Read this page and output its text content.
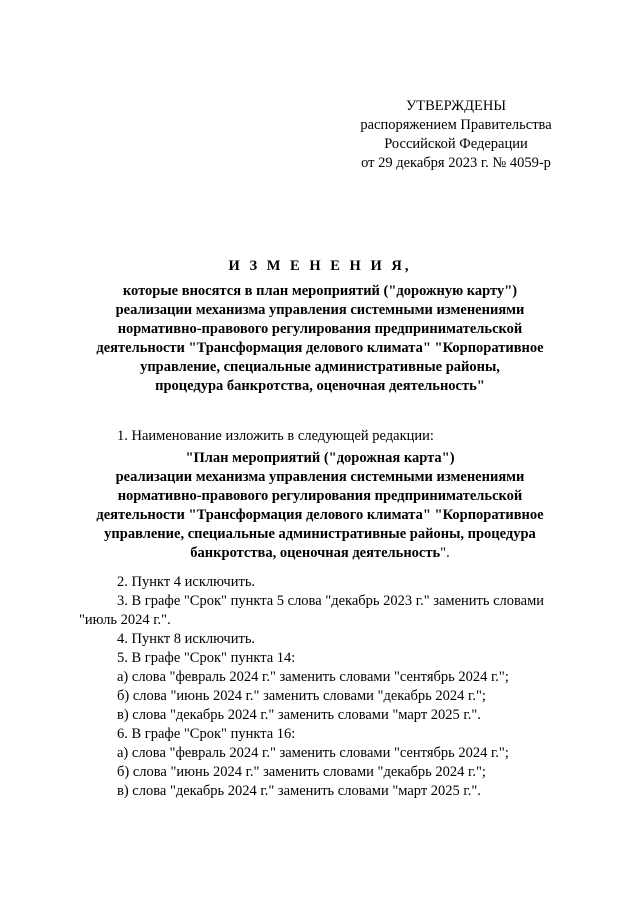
УТВЕРЖДЕНЫ
распоряжением Правительства
Российской Федерации
от 29 декабря 2023 г. № 4059-р
И З М Е Н Е Н И Я,
которые вносятся в план мероприятий ("дорожную карту")
реализации механизма управления системными изменениями
нормативно-правового регулирования предпринимательской
деятельности "Трансформация делового климата" "Корпоративное
управление, специальные административные районы,
процедура банкротства, оценочная деятельность"
1. Наименование изложить в следующей редакции:
"План мероприятий ("дорожная карта")
реализации механизма управления системными изменениями
нормативно-правового регулирования предпринимательской
деятельности "Трансформация делового климата" "Корпоративное
управление, специальные административные районы, процедура
банкротства, оценочная деятельность".
2. Пункт 4 исключить.
3. В графе "Срок" пункта 5 слова "декабрь 2023 г." заменить словами
"июль 2024 г.".
4. Пункт 8 исключить.
5. В графе "Срок" пункта 14:
а) слова "февраль 2024 г." заменить словами "сентябрь 2024 г.";
б) слова "июнь 2024 г." заменить словами "декабрь 2024 г.";
в) слова "декабрь 2024 г." заменить словами "март 2025 г.".
6. В графе "Срок" пункта 16:
а) слова "февраль 2024 г." заменить словами "сентябрь 2024 г.";
б) слова "июнь 2024 г." заменить словами "декабрь 2024 г.";
в) слова "декабрь 2024 г." заменить словами "март 2025 г.".
